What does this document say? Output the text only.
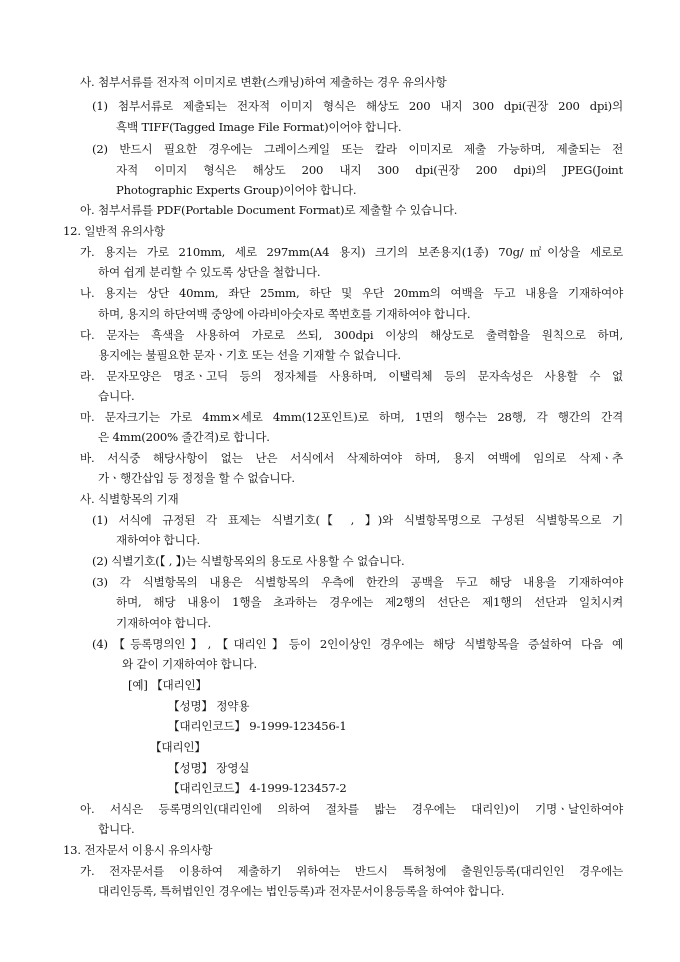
사. 첨부서류를 전자적 이미지로 변환(스캐닝)하여 제출하는 경우 유의사항
(1) 첨부서류로 제출되는 전자적 이미지 형식은 해상도 200 내지 300 dpi(권장 200 dpi)의
흑백 TIFF(Tagged Image File Format)이어야 합니다.
(2) 반드시 필요한 경우에는 그레이스케일 또는 칼라 이미지로 제출 가능하며, 제출되는 전
자적 이미지 형식은 해상도 200 내지 300 dpi(권장 200 dpi)의 JPEG(Joint
Photographic Experts Group)이어야 합니다.
아. 첨부서류를 PDF(Portable Document Format)로 제출할 수 있습니다.
12. 일반적 유의사항
가. 용지는 가로 210mm, 세로 297mm(A4 용지) 크기의 보존용지(1종) 70g/㎡이상을 세로로
하여 쉽게 분리할 수 있도록 상단을 철합니다.
나. 용지는 상단 40mm, 좌단 25mm, 하단 및 우단 20mm의 여백을 두고 내용을 기재하여야
하며, 용지의 하단여백 중앙에 아라비아숫자로 쪽번호를 기재하여야 합니다.
다. 문자는 흑색을 사용하여 가로로 쓰되, 300dpi 이상의 해상도로 출력함을 원칙으로 하며,
용지에는 불필요한 문자ㆍ기호 또는 선을 기재할 수 없습니다.
라. 문자모양은 명조ㆍ고딕 등의 정자체를 사용하며, 이탤릭체 등의 문자속성은 사용할 수 없
습니다.
마. 문자크기는 가로 4mm×세로 4mm(12포인트)로 하며, 1면의 행수는 28행, 각 행간의 간격
은 4mm(200% 줄간격)로 합니다.
바. 서식중 해당사항이 없는 난은 서식에서 삭제하여야 하며, 용지 여백에 임의로 삭제ㆍ추
가ㆍ행간삽입 등 정정을 할 수 없습니다.
사. 식별항목의 기재
(1) 서식에 규정된 각 표제는 식별기호(【 , 】)와 식별항목명으로 구성된 식별항목으로 기
재하여야 합니다.
(2) 식별기호(【 , 】)는 식별항목외의 용도로 사용할 수 없습니다.
(3) 각 식별항목의 내용은 식별항목의 우측에 한칸의 공백을 두고 해당 내용을 기재하여야
하며, 해당 내용이 1행을 초과하는 경우에는 제2행의 선단은 제1행의 선단과 일치시켜
기재하여야 합니다.
(4)【등록명의인】,【대리인】등이 2인이상인 경우에는 해당 식별항목을 증설하여 다음 예
와 같이 기재하여야 합니다.
[예] 【대리인】
【성명】 정약용
【대리인코드】 9-1999-123456-1
【대리인】
【성명】 장영실
【대리인코드】 4-1999-123457-2
아. 서식은 등록명의인(대리인에 의하여 절차를 밟는 경우에는 대리인)이 기명ㆍ날인하여야
합니다.
13. 전자문서 이용시 유의사항
가. 전자문서를 이용하여 제출하기 위하여는 반드시 특허청에 출원인등록(대리인인 경우에는
대리인등록, 특허법인인 경우에는 법인등록)과 전자문서이용등록을 하여야 합니다.
